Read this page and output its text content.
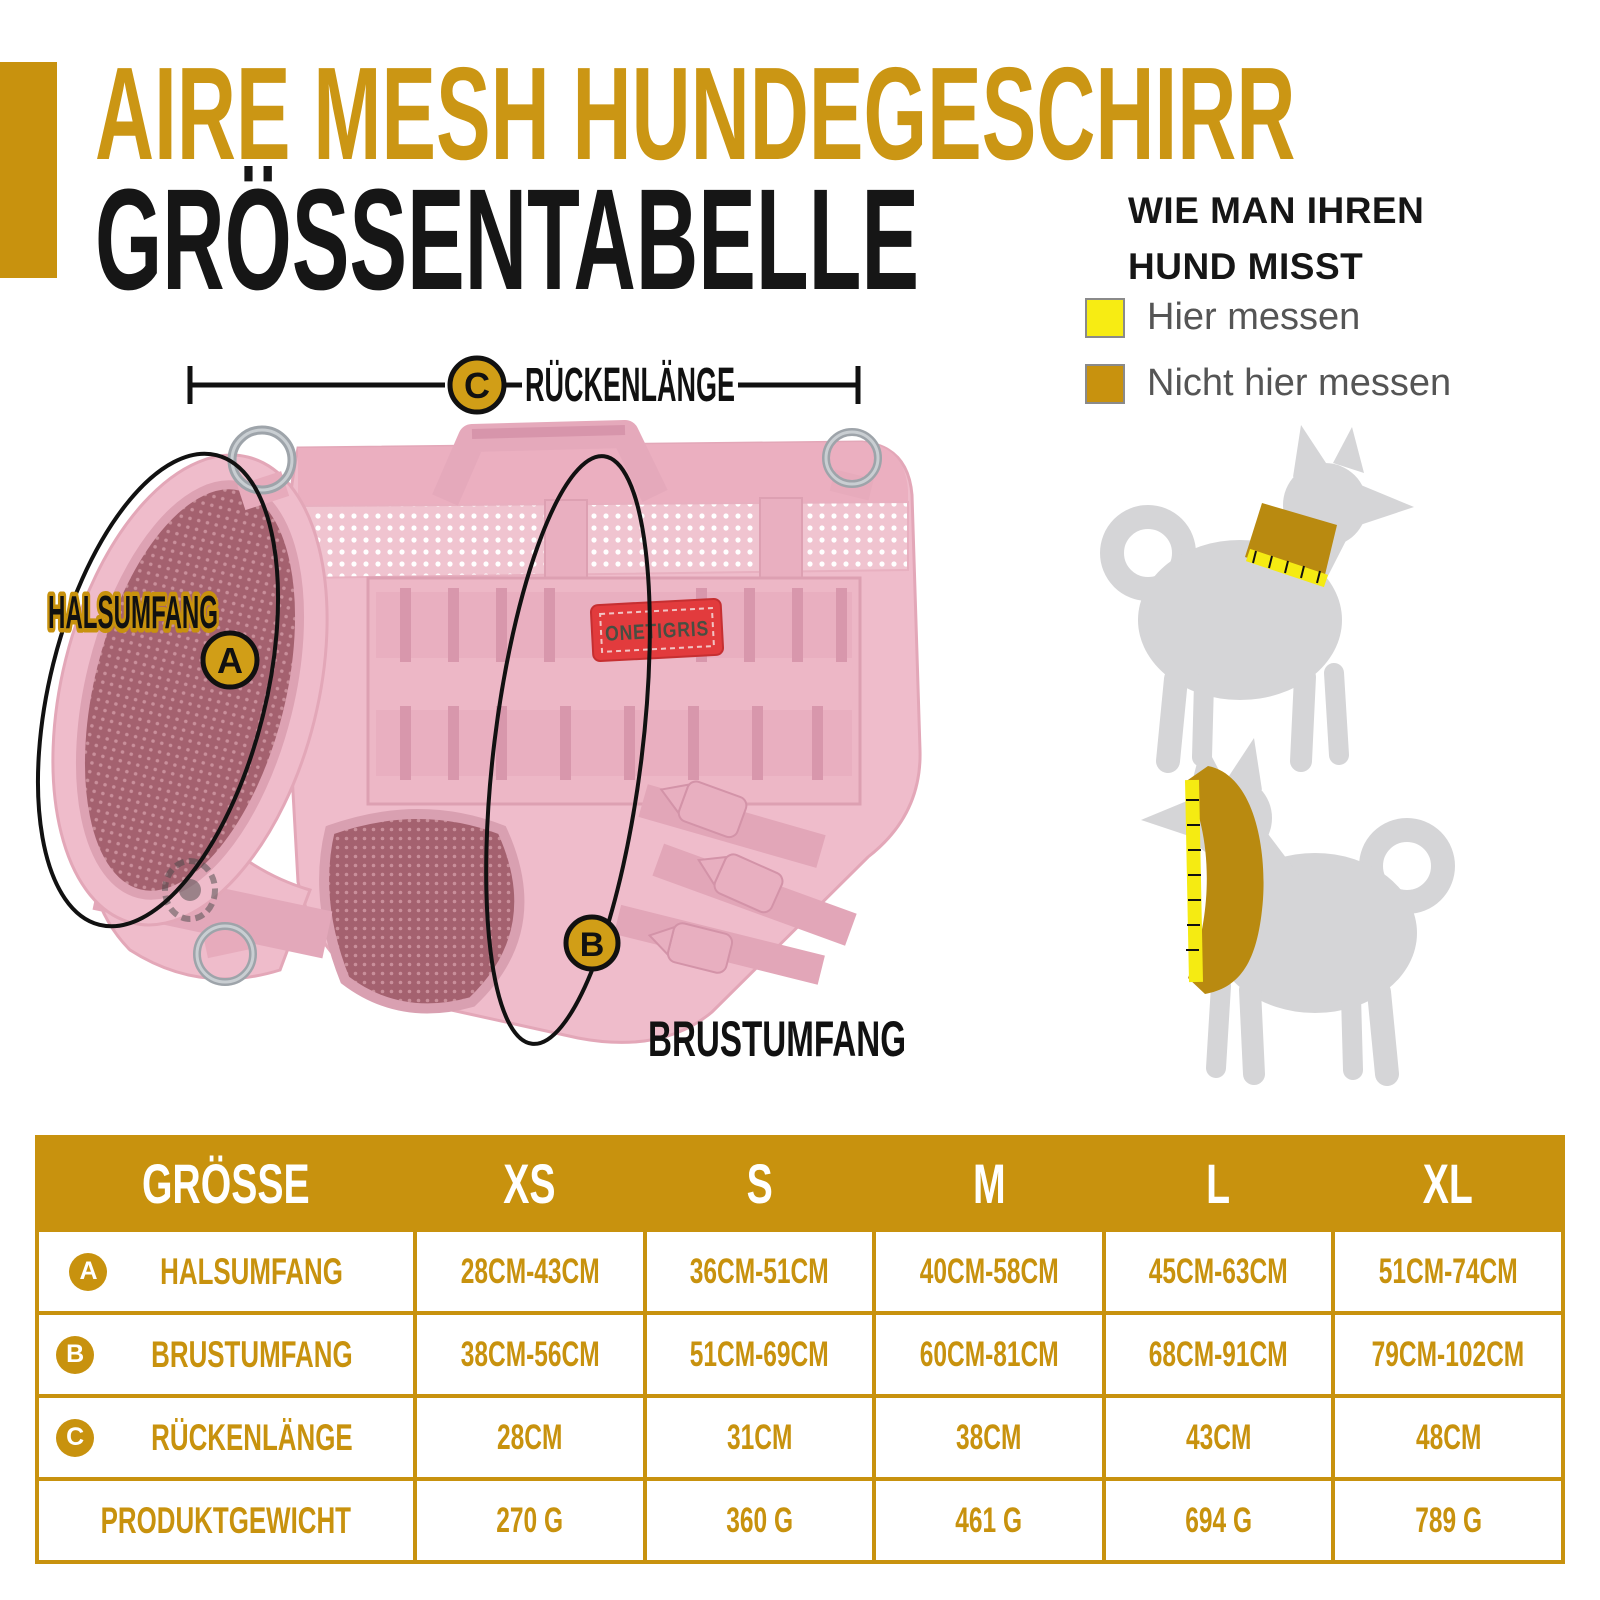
AIRE MESH HUNDEGESCHIRR
GRÖSSENTABELLE	WIE MAN IHREN
HUND MISST
Hier messen
Nicht hier messen
ONETIGRIS
C RÜCKENLÄNGE
HALSUMFANG
A
B
BRUSTUMFANG
GRÖSSE	XS	S	M	L	XL

A HALSUMFANG	28CM-43CM	36CM-51CM	40CM-58CM	45CM-63CM	51CM-74CM

B BRUSTUMFANG	38CM-56CM	51CM-69CM	60CM-81CM	68CM-91CM	79CM-102CM

C RÜCKENLÄNGE	28CM	31CM	38CM	43CM	48CM

PRODUKTGEWICHT	270 G	360 G	461 G	694 G	789 G
